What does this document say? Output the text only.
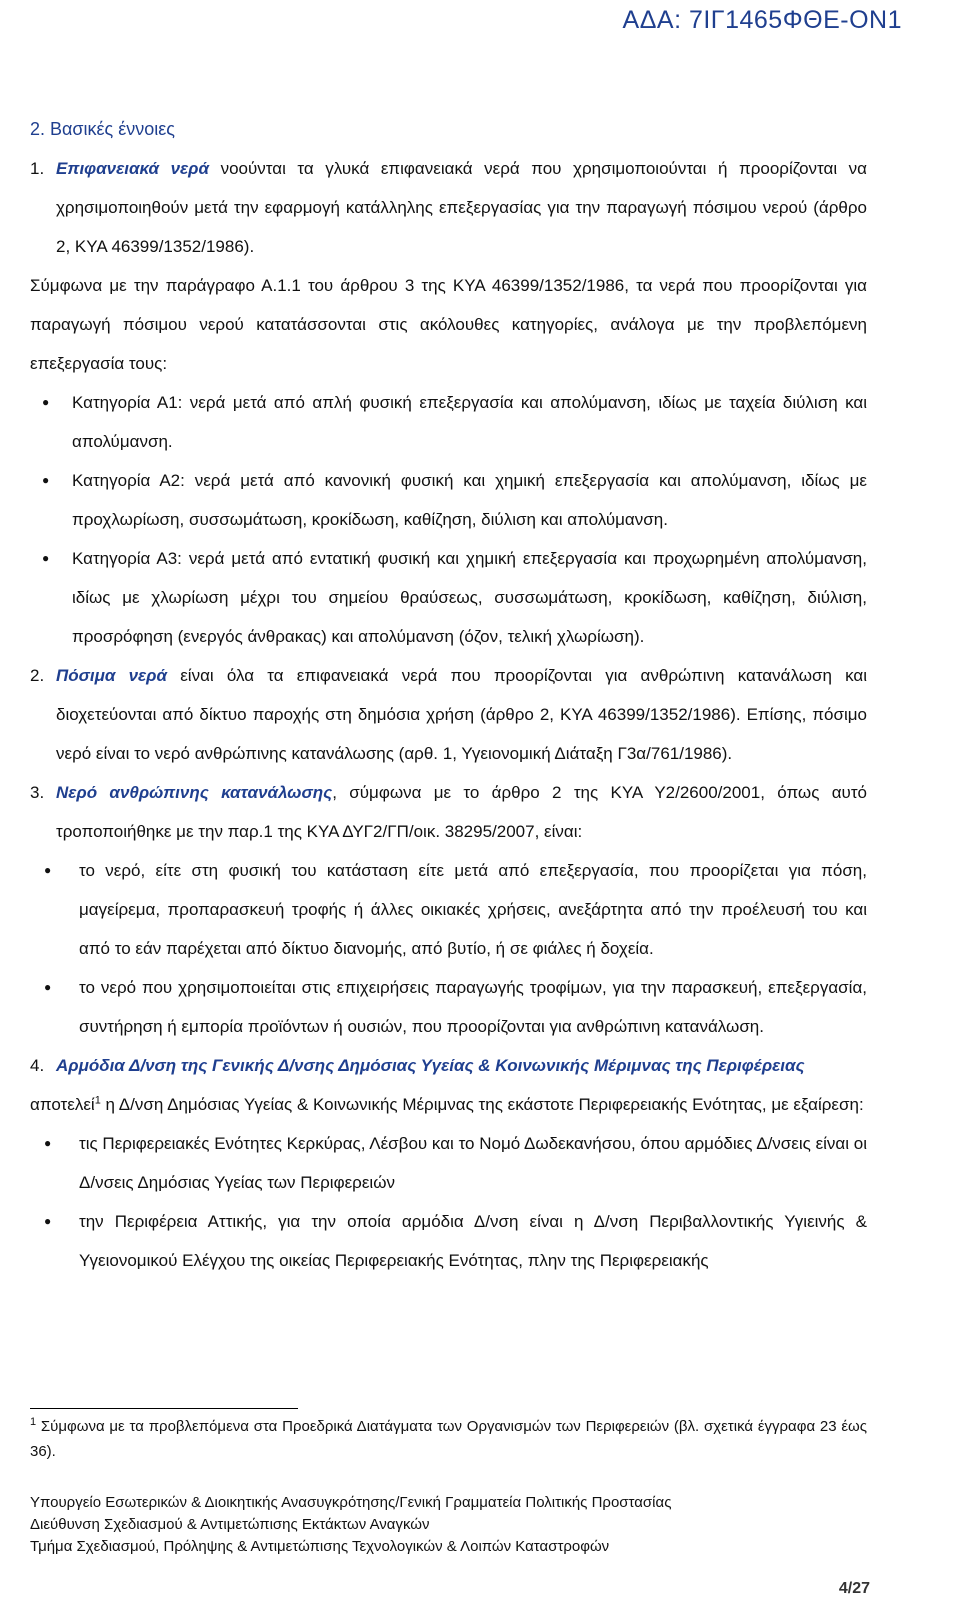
ΑΔΑ: 7ΙΓ1465ΦΘΕ-ΟΝ1

2. Βασικές έννοιες

1. Επιφανειακά νερά νοούνται τα γλυκά επιφανειακά νερά που χρησιμοποιούνται ή προορίζονται να χρησιμοποιηθούν μετά την εφαρμογή κατάλληλης επεξεργασίας για την παραγωγή πόσιμου νερού (άρθρο 2, ΚΥΑ 46399/1352/1986).

Σύμφωνα με την παράγραφο Α.1.1 του άρθρου 3 της ΚΥΑ 46399/1352/1986, τα νερά που προορίζονται για παραγωγή πόσιμου νερού κατατάσσονται στις ακόλουθες κατηγορίες, ανάλογα με την προβλεπόμενη επεξεργασία τους:

●	Κατηγορία Α1: νερά μετά από απλή φυσική επεξεργασία και απολύμανση, ιδίως με ταχεία διύλιση και απολύμανση.
●	Κατηγορία Α2: νερά μετά από κανονική φυσική και χημική επεξεργασία και απολύμανση, ιδίως με προχλωρίωση, συσσωμάτωση, κροκίδωση, καθίζηση, διύλιση και απολύμανση.
●	Κατηγορία Α3: νερά μετά από εντατική φυσική και χημική επεξεργασία και προχωρημένη απολύμανση, ιδίως με χλωρίωση μέχρι του σημείου θραύσεως, συσσωμάτωση, κροκίδωση, καθίζηση, διύλιση, προσρόφηση (ενεργός άνθρακας) και απολύμανση (όζον, τελική χλωρίωση).
2. Πόσιμα νερά είναι όλα τα επιφανειακά νερά που προορίζονται για ανθρώπινη κατανάλωση και διοχετεύονται από δίκτυο παροχής στη δημόσια χρήση (άρθρο 2, ΚΥΑ 46399/1352/1986). Επίσης, πόσιμο νερό είναι το νερό ανθρώπινης κατανάλωσης (αρθ. 1, Υγειονομική Διάταξη Γ3α/761/1986).
3. Νερό ανθρώπινης κατανάλωσης, σύμφωνα με το άρθρο 2 της ΚΥΑ Υ2/2600/2001, όπως αυτό τροποποιήθηκε με την παρ.1 της ΚΥΑ ΔΥΓ2/ΓΠ/οικ. 38295/2007, είναι:
●	το νερό, είτε στη φυσική του κατάσταση είτε μετά από επεξεργασία, που προορίζεται για πόση, μαγείρεμα, προπαρασκευή τροφής ή άλλες οικιακές χρήσεις, ανεξάρτητα από την προέλευσή του και από το εάν παρέχεται από δίκτυο διανομής, από βυτίο, ή σε φιάλες ή δοχεία.
●	το νερό που χρησιμοποιείται στις επιχειρήσεις παραγωγής τροφίμων, για την παρασκευή, επεξεργασία, συντήρηση ή εμπορία προϊόντων ή ουσιών, που προορίζονται για ανθρώπινη κατανάλωση.
4. Αρμόδια Δ/νση της Γενικής Δ/νσης Δημόσιας Υγείας & Κοινωνικής Μέριμνας της Περιφέρειας

αποτελεί$^1$ η Δ/νση Δημόσιας Υγείας & Κοινωνικής Μέριμνας της εκάστοτε Περιφερειακής Ενότητας, με εξαίρεση:

●	τις Περιφερειακές Ενότητες Κερκύρας, Λέσβου και το Νομό Δωδεκανήσου, όπου αρμόδιες Δ/νσεις είναι οι Δ/νσεις Δημόσιας Υγείας των Περιφερειών
●	την Περιφέρεια Αττικής, για την οποία αρμόδια Δ/νση είναι η Δ/νση Περιβαλλοντικής Υγιεινής & Υγειονομικού Ελέγχου της οικείας Περιφερειακής Ενότητας, πλην της Περιφερειακής
$^1$ Σύμφωνα με τα προβλεπόμενα στα Προεδρικά Διατάγματα των Οργανισμών των Περιφερειών (βλ. σχετικά έγγραφα 23 έως 36).
Υπουργείο Εσωτερικών & Διοικητικής Ανασυγκρότησης/Γενική Γραμματεία Πολιτικής Προστασίας
Διεύθυνση Σχεδιασμού & Αντιμετώπισης Εκτάκτων Αναγκών
Τμήμα Σχεδιασμού, Πρόληψης & Αντιμετώπισης Τεχνολογικών & Λοιπών Καταστροφών
4/27
